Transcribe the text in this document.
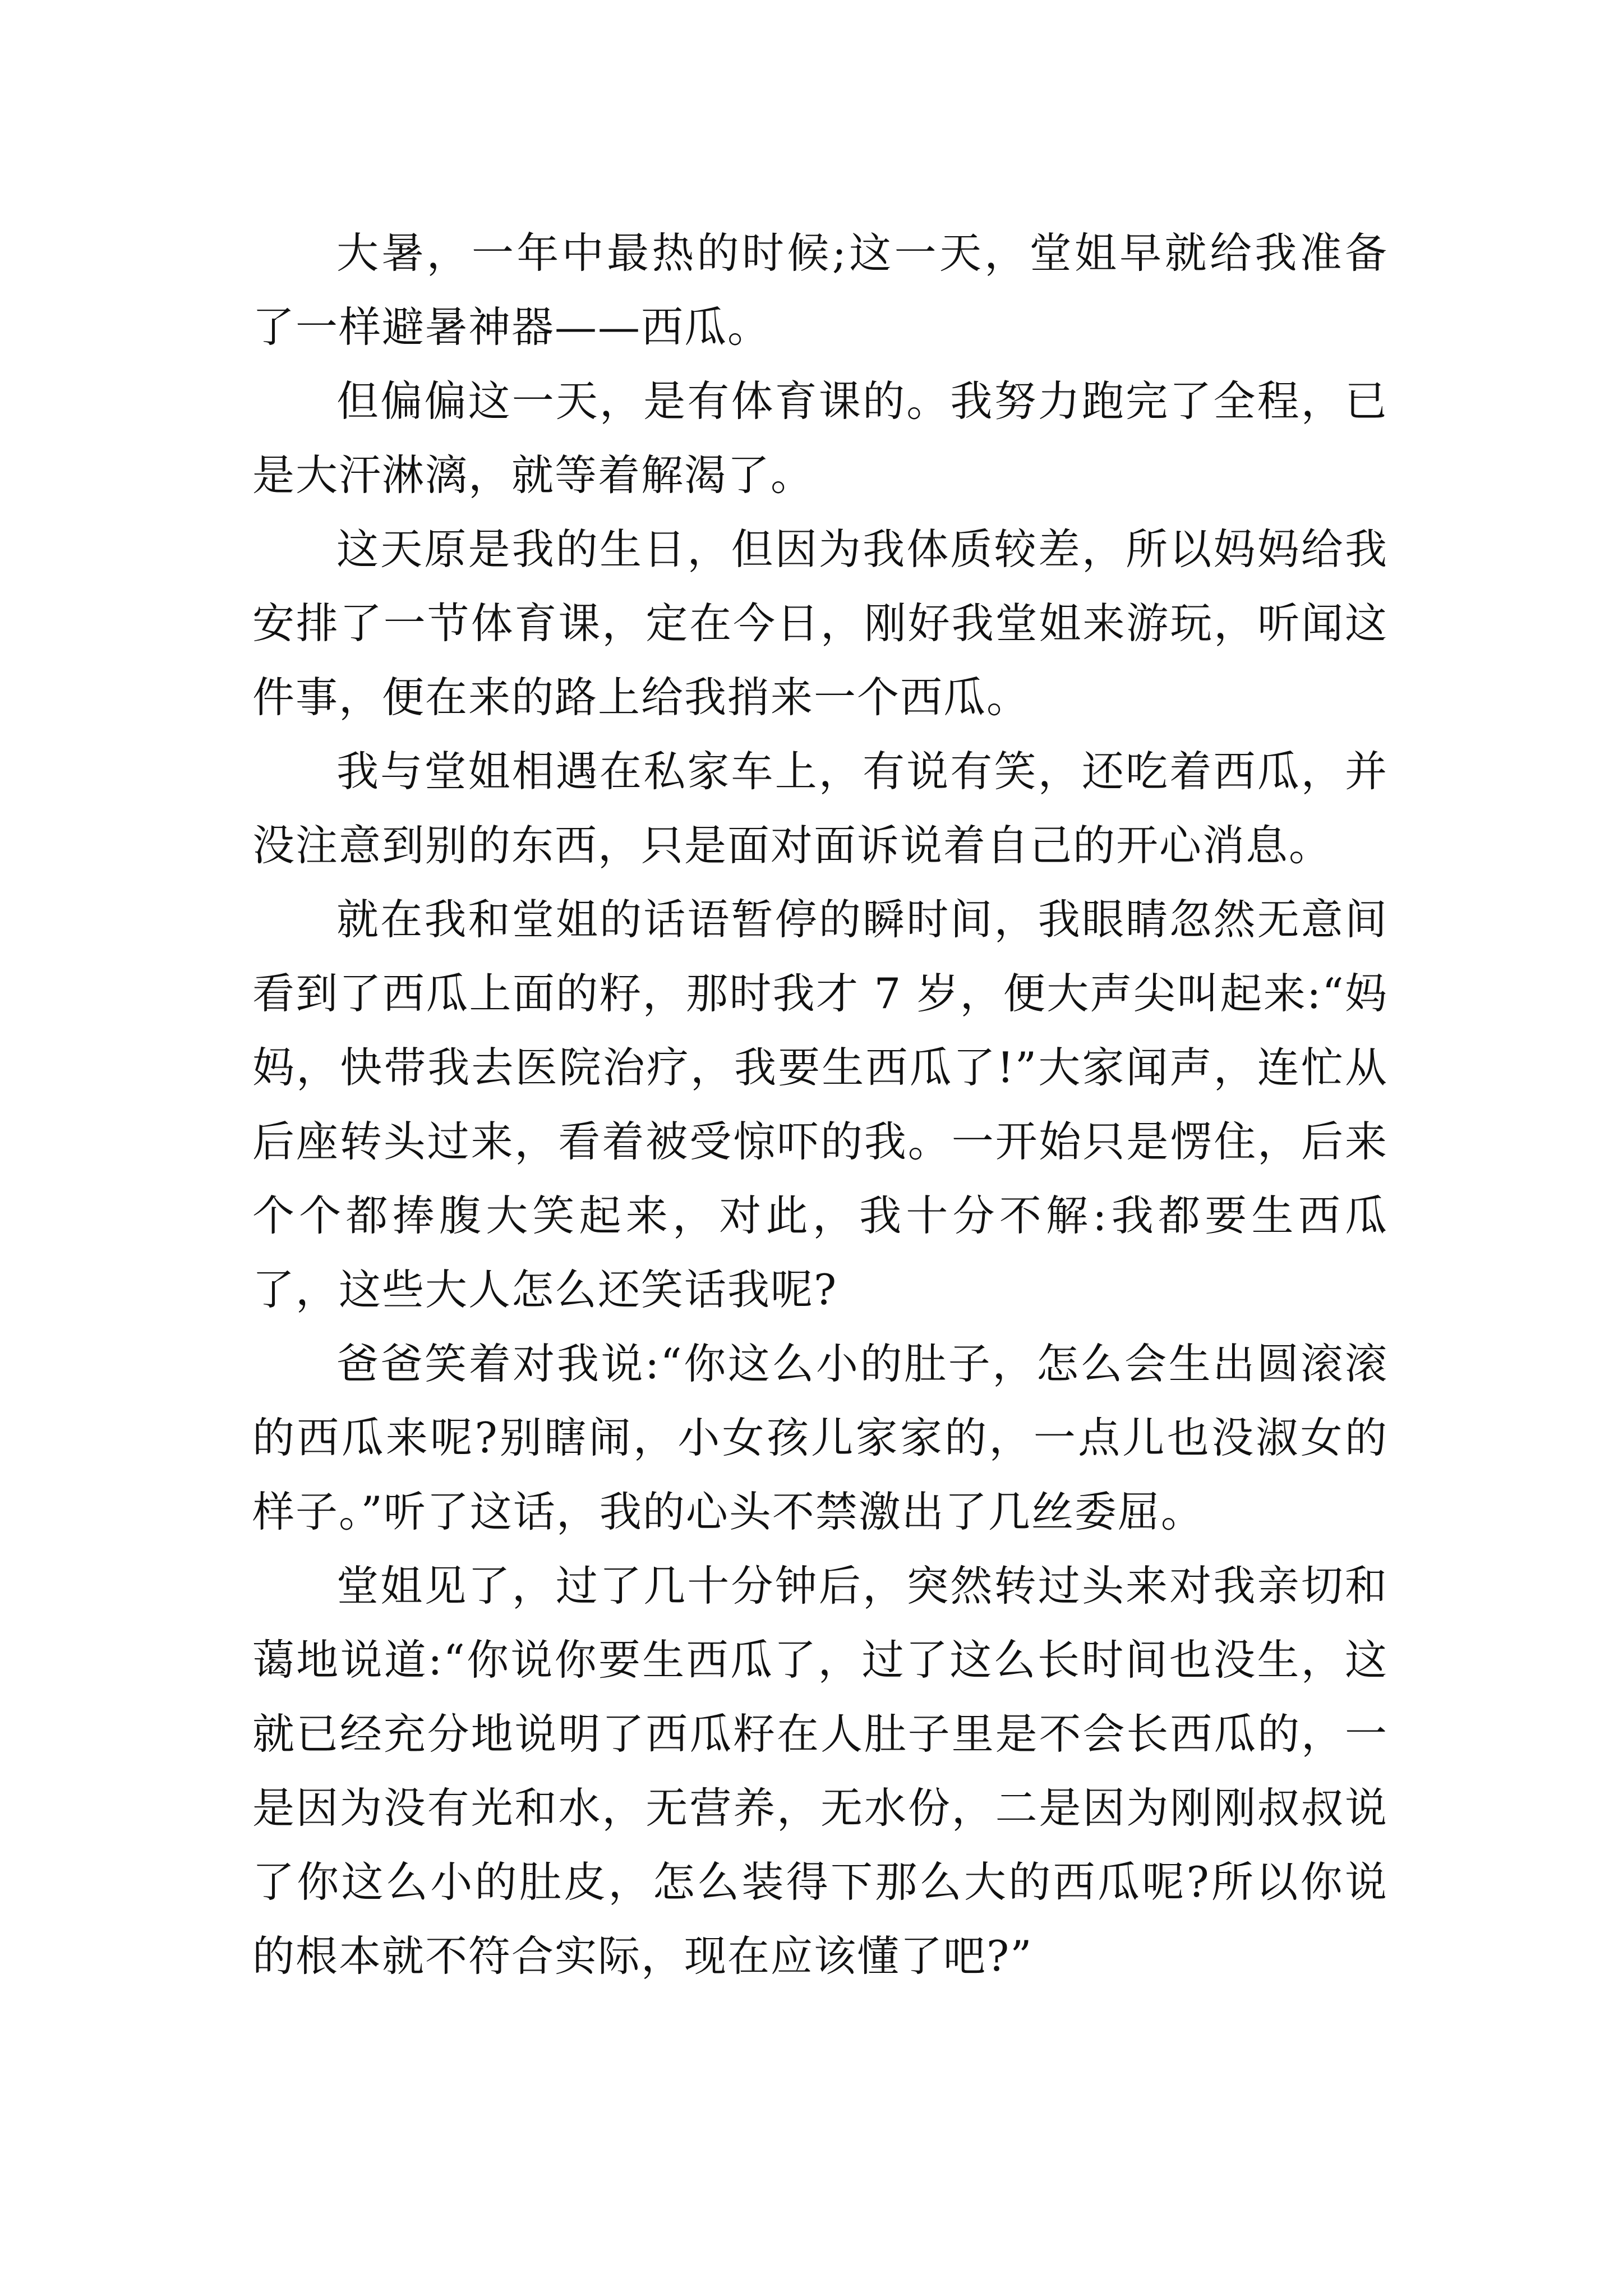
大暑，一年中最热的时候;这一天，堂姐早就给我准备了一样避暑神器——西瓜。

但偏偏这一天，是有体育课的。我努力跑完了全程，已是大汗淋漓，就等着解渴了。

这天原是我的生日，但因为我体质较差，所以妈妈给我安排了一节体育课，定在今日，刚好我堂姐来游玩，听闻这件事，便在来的路上给我捎来一个西瓜。

我与堂姐相遇在私家车上，有说有笑，还吃着西瓜，并没注意到别的东西，只是面对面诉说着自己的开心消息。

就在我和堂姐的话语暂停的瞬时间，我眼睛忽然无意间看到了西瓜上面的籽，那时我才 7 岁，便大声尖叫起来:“妈妈，快带我去医院治疗，我要生西瓜了!”大家闻声，连忙从后座转头过来，看着被受惊吓的我。一开始只是愣住，后来个个都捧腹大笑起来，对此，我十分不解:我都要生西瓜了，这些大人怎么还笑话我呢?

爸爸笑着对我说:“你这么小的肚子，怎么会生出圆滚滚的西瓜来呢?别瞎闹，小女孩儿家家的，一点儿也没淑女的样子。”听了这话，我的心头不禁激出了几丝委屈。

堂姐见了，过了几十分钟后，突然转过头来对我亲切和蔼地说道:“你说你要生西瓜了，过了这么长时间也没生，这就已经充分地说明了西瓜籽在人肚子里是不会长西瓜的，一是因为没有光和水，无营养，无水份，二是因为刚刚叔叔说了你这么小的肚皮，怎么装得下那么大的西瓜呢?所以你说的根本就不符合实际，现在应该懂了吧?”
